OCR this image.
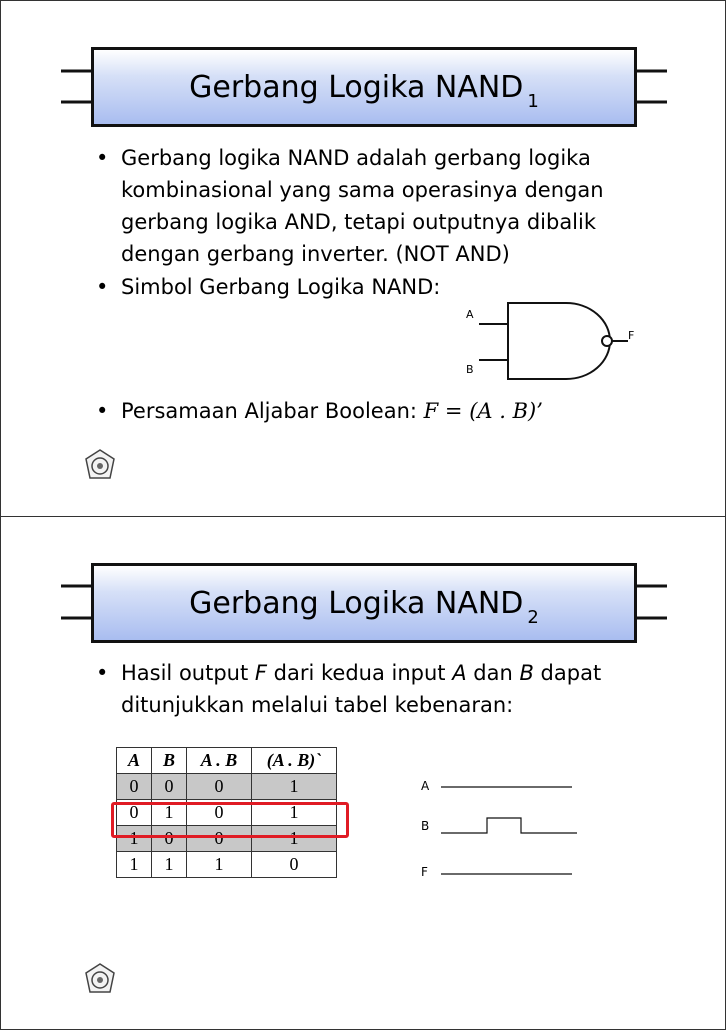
Gerbang Logika NAND $_1$
• Gerbang logika NAND adalah gerbang logika kombinasional yang sama operasinya dengan gerbang logika AND, tetapi outputnya dibalik dengan gerbang inverter. (NOT AND)
• Simbol Gerbang Logika NAND:
A
B
F
• Persamaan Aljabar Boolean: F = (A . B)’
Gerbang Logika NAND $_2$
• Hasil output F dari kedua input A dan B dapat ditunjukkan melalui tabel kebenaran:
A	B	A . B	(A . B)`
0	0	0	1
0	1	0	1
1	0	0	1
1	1	1	0
A
B
F
